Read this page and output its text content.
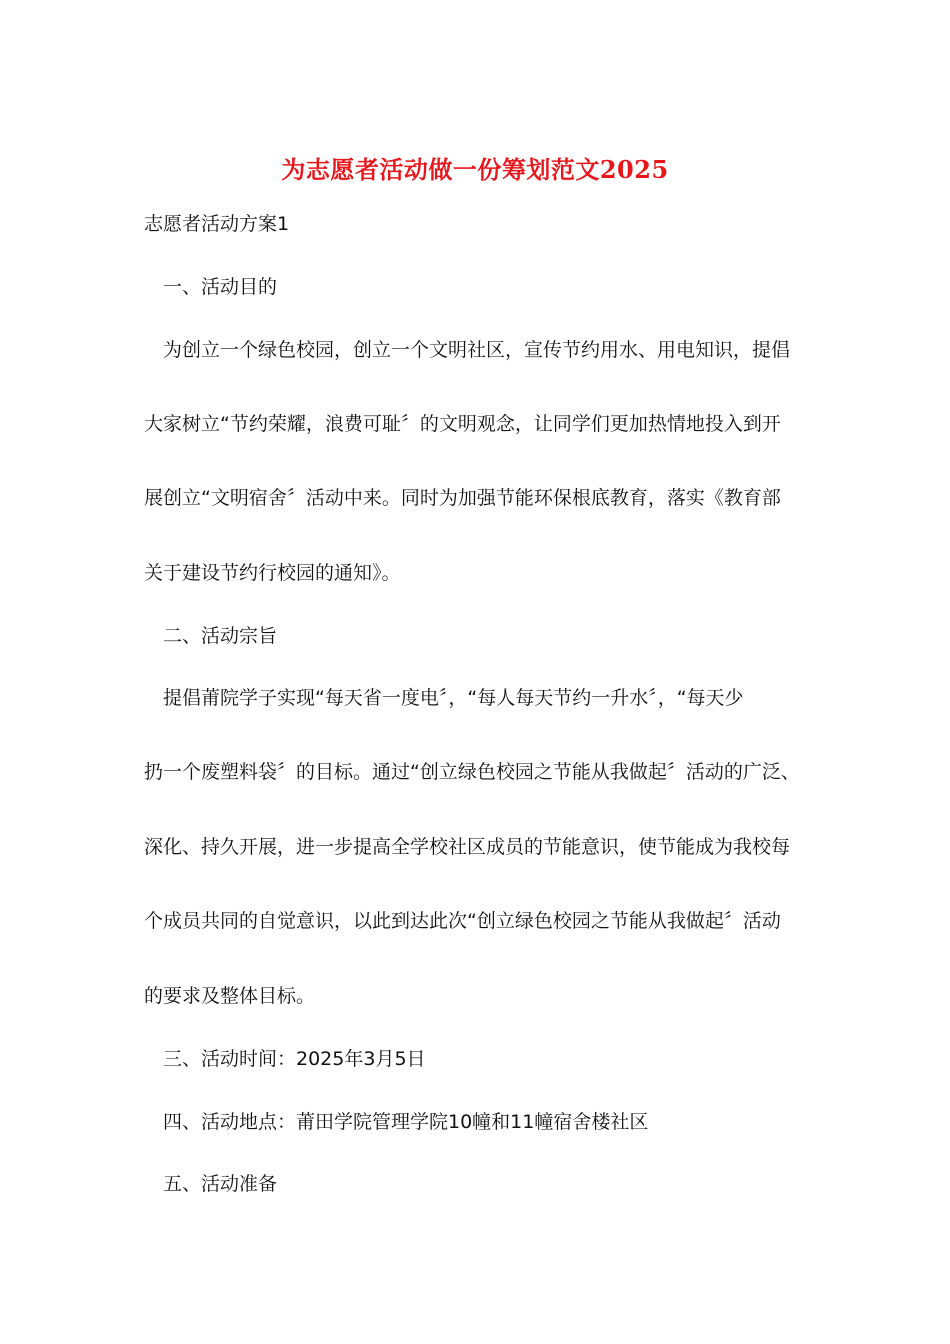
为志愿者活动做一份筹划范文2025
志愿者活动方案1
一、活动目的
为创立一个绿色校园，创立一个文明社区，宣传节约用水、用电知识，提倡
大家树立“节约荣耀，浪费可耻〞的文明观念，让同学们更加热情地投入到开
展创立“文明宿舍〞活动中来。同时为加强节能环保根底教育，落实《教育部
关于建设节约行校园的通知》。
二、活动宗旨
提倡莆院学子实现“每天省一度电〞，“每人每天节约一升水〞，“每天少
扔一个废塑料袋〞的目标。通过“创立绿色校园之节能从我做起〞活动的广泛、
深化、持久开展，进一步提高全学校社区成员的节能意识，使节能成为我校每
个成员共同的自觉意识，以此到达此次“创立绿色校园之节能从我做起〞活动
的要求及整体目标。
三、活动时间：2025年3月5日
四、活动地点：莆田学院管理学院10幢和11幢宿舍楼社区
五、活动准备
